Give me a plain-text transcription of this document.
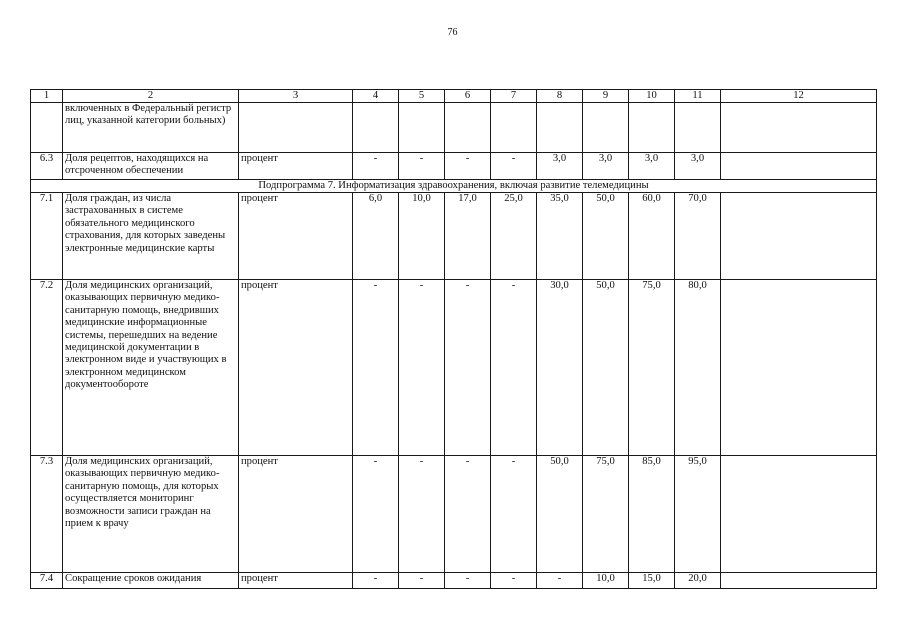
76
1	2	3	4	5	6	7	8	9	10	11	12
	включенных в Федеральный регистр лиц, указанной категории больных)										
6.3	Доля рецептов, находящихся на отсроченном обеспечении	процент	-	-	-	-	3,0	3,0	3,0	3,0	
Подпрограмма 7. Информатизация здравоохранения, включая развитие телемедицины											
7.1	Доля граждан, из числа застрахованных в системе обязательного медицинского страхования, для которых заведены электронные медицинские карты	процент	6,0	10,0	17,0	25,0	35,0	50,0	60,0	70,0	
7.2	Доля медицинских организаций, оказывающих первичную медико-санитарную помощь, внедривших медицинские информационные системы, перешедших на ведение медицинской документации в электронном виде и участвующих в электронном медицинском документообороте	процент	-	-	-	-	30,0	50,0	75,0	80,0	
7.3	Доля медицинских организаций, оказывающих первичную медико-санитарную помощь, для которых осуществляется мониторинг возможности записи граждан на прием к врачу	процент	-	-	-	-	50,0	75,0	85,0	95,0	
7.4	Сокращение сроков ожидания	процент	-	-	-	-	-	10,0	15,0	20,0	
